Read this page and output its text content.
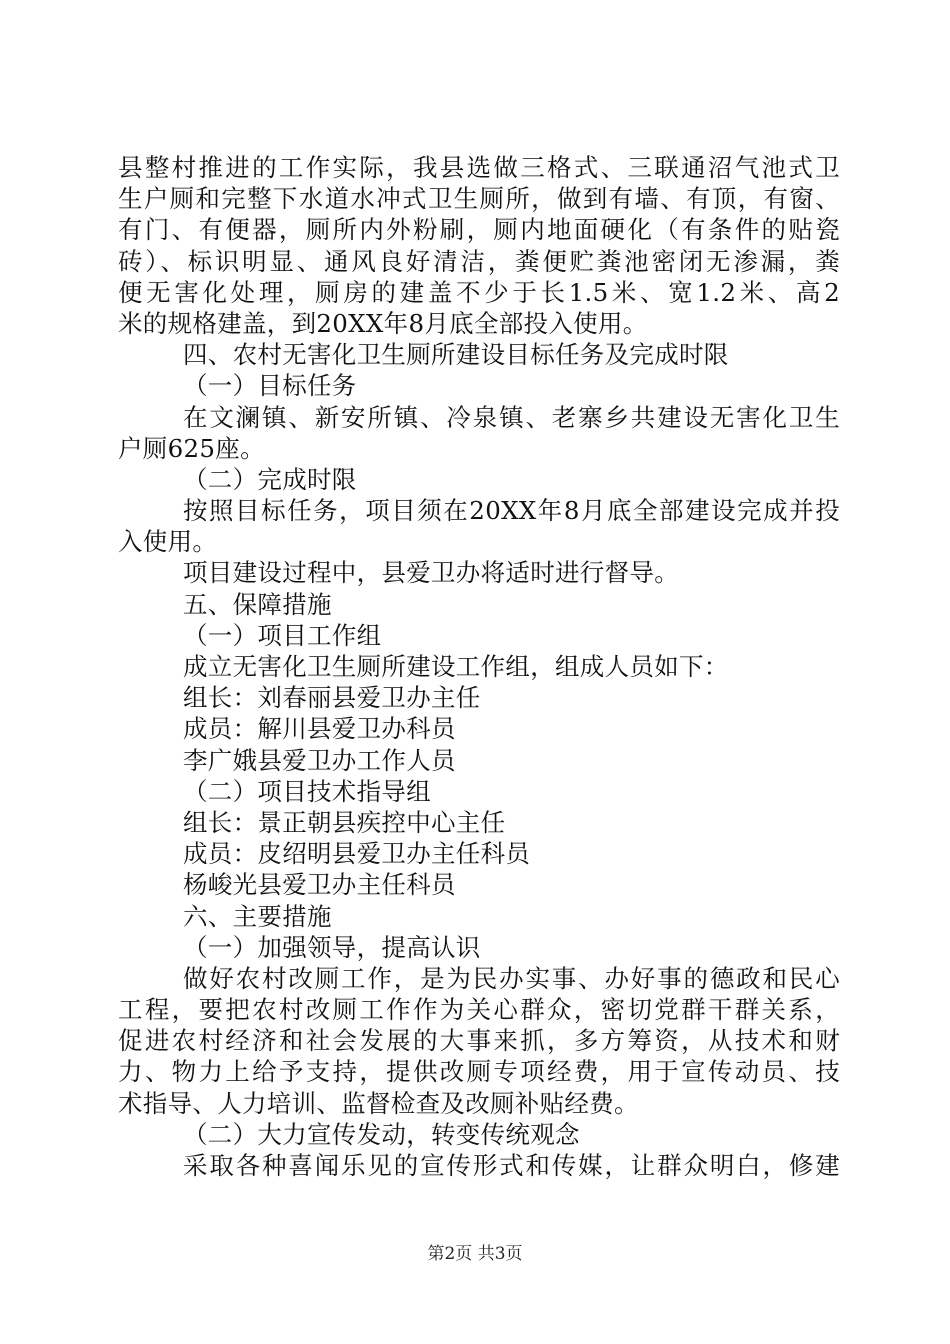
县整村推进的工作实际，我县选做三格式、三联通沼气池式卫
生户厕和完整下水道水冲式卫生厕所，做到有墙、有顶，有窗、
有门、有便器，厕所内外粉刷，厕内地面硬化（有条件的贴瓷
砖）、标识明显、通风良好清洁，粪便贮粪池密闭无渗漏，粪
便无害化处理，厕房的建盖不少于长1.5米、宽1.2米、高2
米的规格建盖，到20XX年8月底全部投入使用。
四、农村无害化卫生厕所建设目标任务及完成时限
（一）目标任务
在文澜镇、新安所镇、冷泉镇、老寨乡共建设无害化卫生
户厕625座。
（二）完成时限
按照目标任务，项目须在20XX年8月底全部建设完成并投
入使用。
项目建设过程中，县爱卫办将适时进行督导。
五、保障措施
（一）项目工作组
成立无害化卫生厕所建设工作组，组成人员如下：
组长：刘春丽县爱卫办主任
成员：解川县爱卫办科员
李广娥县爱卫办工作人员
（二）项目技术指导组
组长：景正朝县疾控中心主任
成员：皮绍明县爱卫办主任科员
杨峻光县爱卫办主任科员
六、主要措施
（一）加强领导，提高认识
做好农村改厕工作，是为民办实事、办好事的德政和民心
工程，要把农村改厕工作作为关心群众，密切党群干群关系，
促进农村经济和社会发展的大事来抓，多方筹资，从技术和财
力、物力上给予支持，提供改厕专项经费，用于宣传动员、技
术指导、人力培训、监督检查及改厕补贴经费。
（二）大力宣传发动，转变传统观念
采取各种喜闻乐见的宣传形式和传媒，让群众明白，修建
第2页 共3页
